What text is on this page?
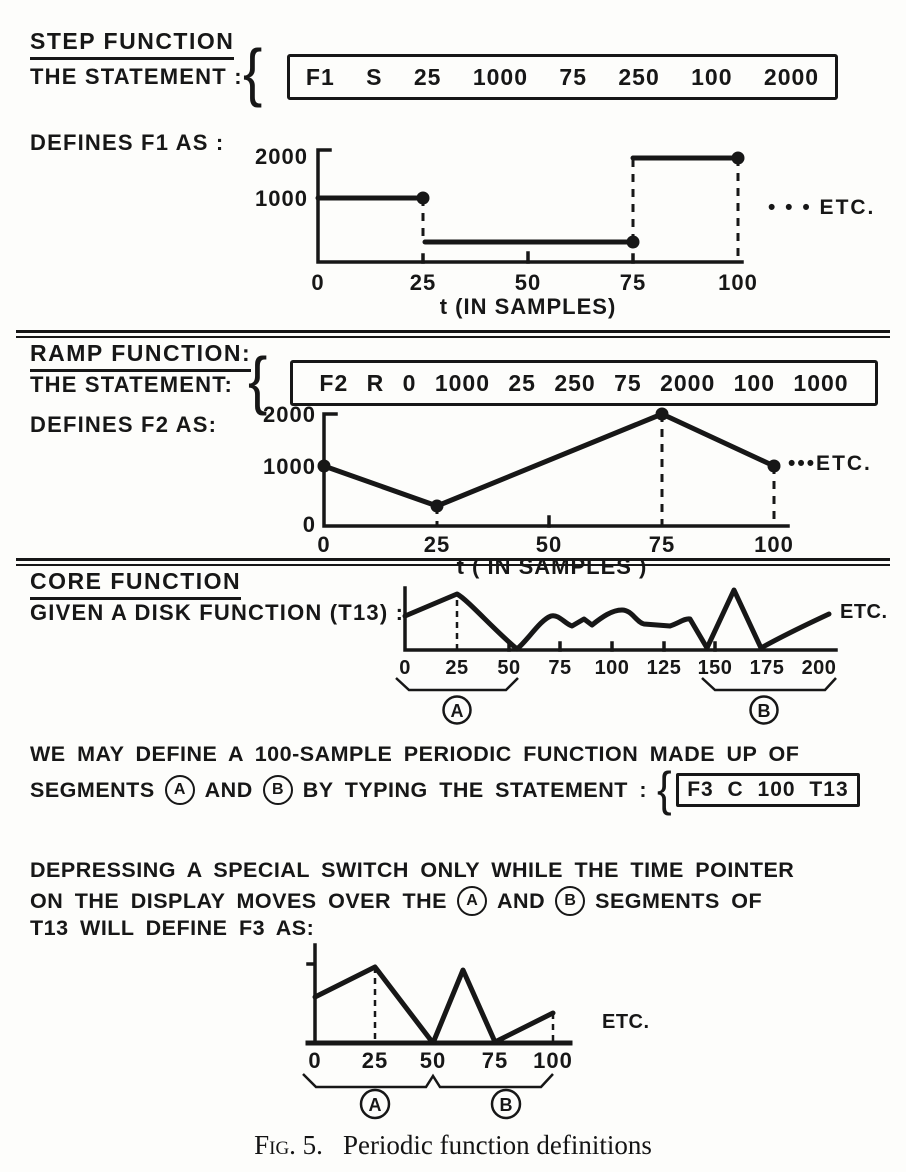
STEP FUNCTION
THE STATEMENT : {	F1 S 25 1000 75 250 100 2000
DEFINES F1 AS :
2000
1000
0	25	50	75	100
t (IN SAMPLES)
• • • ETC.
RAMP FUNCTION:
THE STATEMENT: {	F2 R 0 1000 25 250 75 2000 100 1000
DEFINES F2 AS: 2000
1000
0
0	25	50	75	100
t ( IN SAMPLES )
•••ETC.
CORE FUNCTION
GIVEN A DISK FUNCTION (T13) :
0 25 50 75 100 125 150 175 200
A	B
ETC.
WE MAY DEFINE A 100-SAMPLE PERIODIC FUNCTION MADE UP OF
SEGMENTS	A AND	B BY TYPING THE STATEMENT : { F3 C 100 T13
DEPRESSING A SPECIAL SWITCH ONLY WHILE THE TIME POINTER
ON THE DISPLAY MOVES OVER THE	A AND	B SEGMENTS OF
T13 WILL DEFINE F3 AS:
0 25 50 75 100
A	B
ETC.
Fig. 5. Periodic function definitions
